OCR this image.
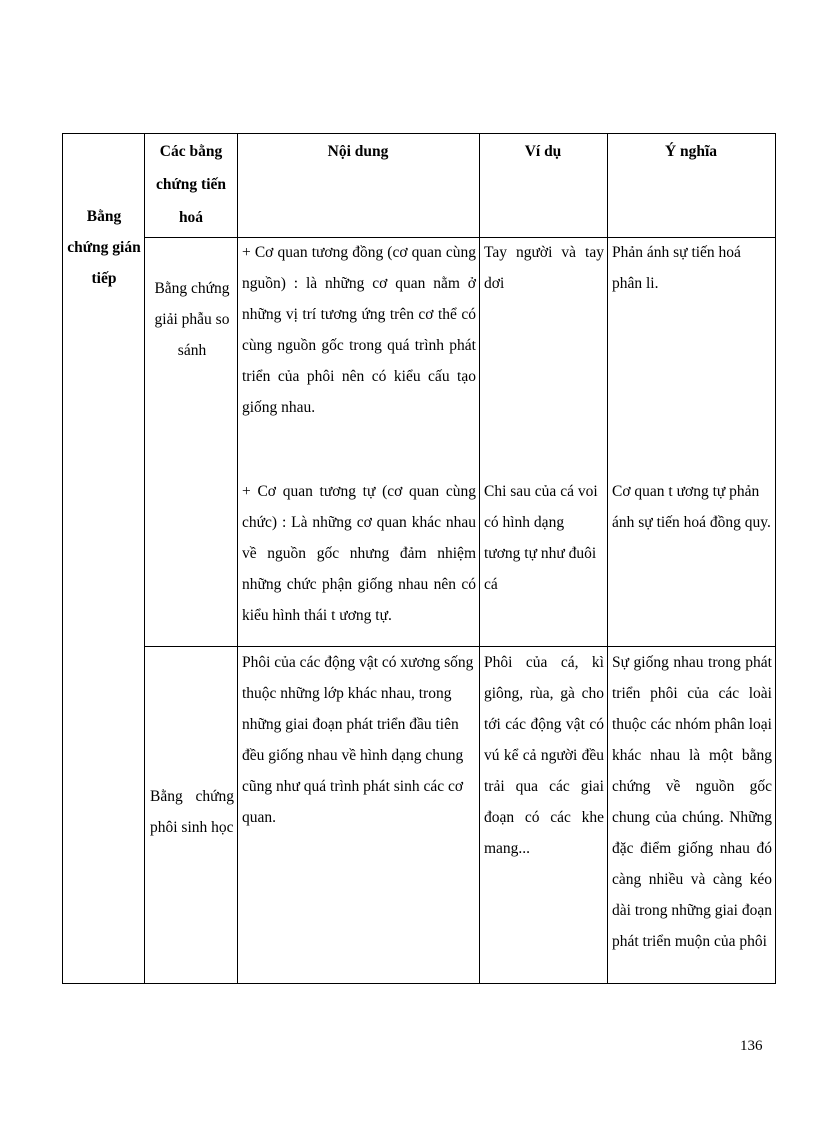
Bằng chứng gián tiếp
Các bằng chứng tiến hoá
Nội dung	Ví dụ	Ý nghĩa
Bằng chứng giải phẫu so sánh
+ Cơ quan tương đồng (cơ quan cùng nguồn) : là những cơ quan nằm ở những vị trí tương ứng trên cơ thể có cùng nguồn gốc trong quá trình phát triển của phôi nên có kiểu cấu tạo giống nhau.
Tay người và tay dơi
Phản ánh sự tiến hoá phân li.
+ Cơ quan tương tự (cơ quan cùng chức) : Là những cơ quan khác nhau về nguồn gốc nhưng đảm nhiệm những chức phận giống nhau nên có kiểu hình thái t ương tự.
Chi sau của cá voi có hình dạng tương tự như đuôi cá
Cơ quan t ương tự phản ánh sự tiến hoá đồng quy.
Bằng chứng phôi sinh học
Phôi của các động vật có xương sống thuộc những lớp khác nhau, trong những giai đoạn phát triển đầu tiên đều giống nhau về hình dạng chung cũng như quá trình phát sinh các cơ quan.
Phôi của cá, kì giông, rùa, gà cho tới các động vật có vú kể cả người đều trải qua các giai đoạn có các khe mang...
Sự giống nhau trong phát triển phôi của các loài thuộc các nhóm phân loại khác nhau là một bằng chứng về nguồn gốc chung của chúng. Những đặc điểm giống nhau đó càng nhiều và càng kéo dài trong những giai đoạn phát triển muộn của phôi
136
